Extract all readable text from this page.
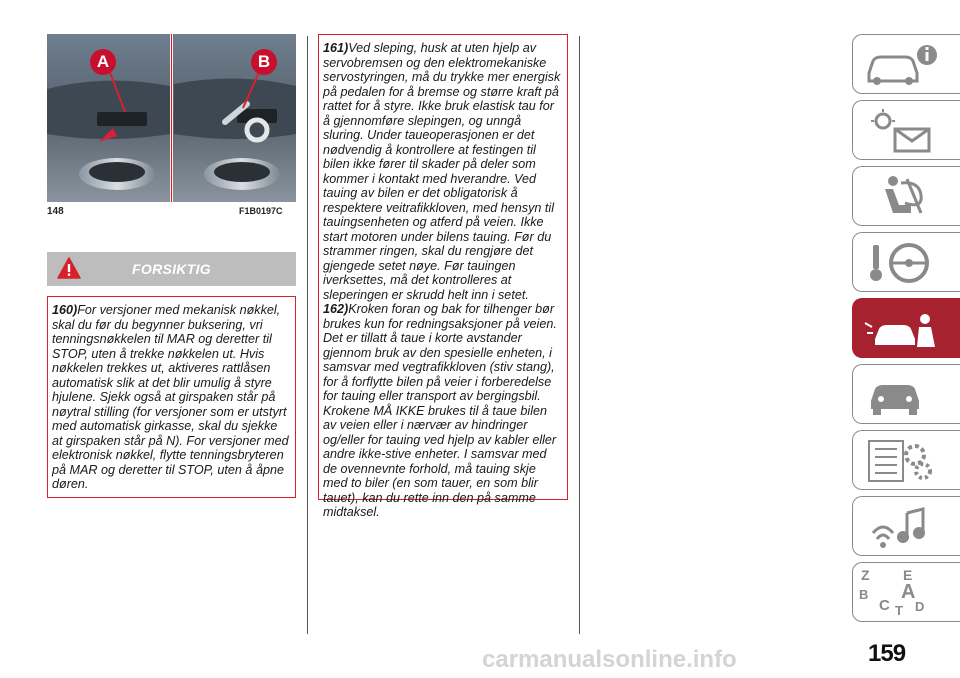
A	B
148	F1B0197C
FORSIKTIG

160)For versjoner med mekanisk nøkkel, skal du før du begynner buksering, vri tenningsnøkkelen til MAR og deretter til STOP, uten å trekke nøkkelen ut. Hvis nøkkelen trekkes ut, aktiveres rattlåsen automatisk slik at det blir umulig å styre hjulene. Sjekk også at girspaken står på nøytral stilling (for versjoner som er utstyrt med automatisk girkasse, skal du sjekke at girspaken står på N). For versjoner med elektronisk nøkkel, flytte tenningsbryteren på MAR og deretter til STOP, uten å åpne døren.

161)Ved sleping, husk at uten hjelp av servobremsen og den elektromekaniske servostyringen, må du trykke mer energisk på pedalen for å bremse og større kraft på rattet for å styre. Ikke bruk elastisk tau for å gjennomføre slepingen, og unngå sluring. Under taueoperasjonen er det nødvendig å kontrollere at festingen til bilen ikke fører til skader på deler som kommer i kontakt med hverandre. Ved tauing av bilen er det obligatorisk å respektere veitrafikkloven, med hensyn til tauingsenheten og atferd på veien. Ikke start motoren under bilens tauing. Før du strammer ringen, skal du rengjøre det gjengede setet nøye. Før tauingen iverksettes, må det kontrolleres at sleperingen er skrudd helt inn i setet.

162)Kroken foran og bak for tilhenger bør brukes kun for redningsaksjoner på veien. Det er tillatt å taue i korte avstander gjennom bruk av den spesielle enheten, i samsvar med vegtrafikkloven (stiv stang), for å forflytte bilen på veier i forberedelse for tauing eller transport av bergingsbil. Krokene MÅ IKKE brukes til å taue bilen av veien eller i nærvær av hindringer og/eller for tauing ved hjelp av kabler eller andre ikke-stive enheter. I samsvar med de ovennevnte forhold, må tauing skje med to biler (en som tauer, en som blir tauet), kan du rette inn den på samme midtaksel.

Z E
B A
C D
T
carmanualsonline.info	159
